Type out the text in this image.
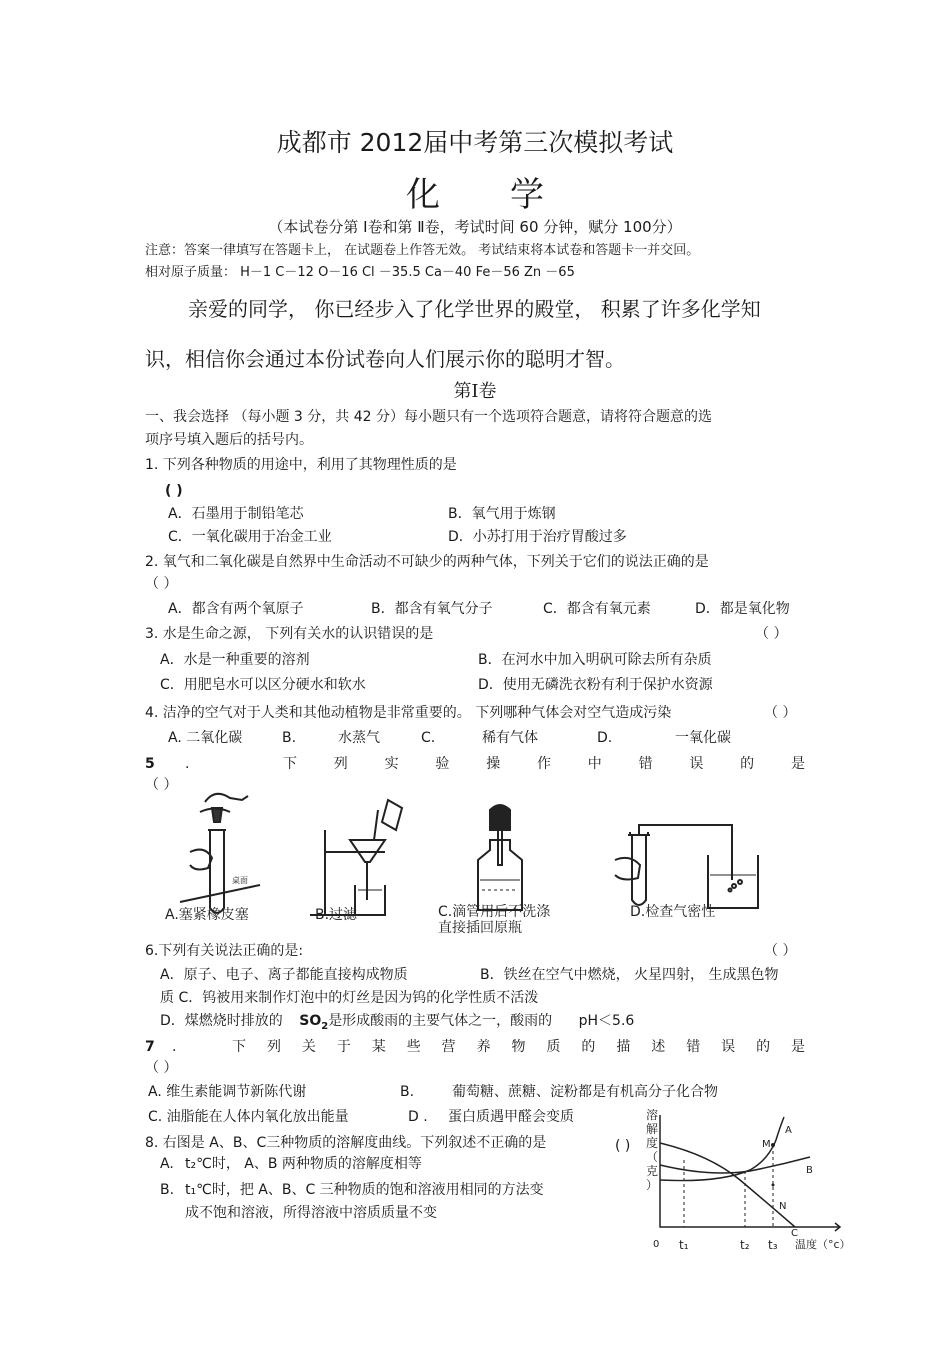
成都市 2012届中考第三次模拟考试
化 学
（本试卷分第 Ⅰ卷和第 Ⅱ卷，考试时间 60 分钟，赋分 100分）
注意：答案一律填写在答题卡上， 在试题卷上作答无效。 考试结束将本试卷和答题卡一并交回。
相对原子质量： H－1 C－12 O－16 Cl －35.5 Ca－40 Fe－56 Zn －65
亲爱的同学， 你已经步入了化学世界的殿堂， 积累了许多化学知
识，相信你会通过本份试卷向人们展示你的聪明才智。
第Ⅰ卷
一、我会选择 （每小题 3 分，共 42 分）每小题只有一个选项符合题意，请将符合题意的选
项序号填入题后的括号内。
1. 下列各种物质的用途中，利用了其物理性质的是
( )
A．石墨用于制铅笔芯	B．氧气用于炼钢
C．一氧化碳用于冶金工业	D．小苏打用于治疗胃酸过多
2. 氧气和二氧化碳是自然界中生命活动不可缺少的两种气体，下列关于它们的说法正确的是
（ ）
A．都含有两个氧原子	B．都含有氧气分子	C．都含有氧元素	D．都是氧化物
3. 水是生命之源， 下列有关水的认识错误的是	（ ）
A．水是一种重要的溶剂	B．在河水中加入明矾可除去所有杂质
C．用肥皂水可以区分硬水和软水	D．使用无磷洗衣粉有利于保护水资源
4. 洁净的空气对于人类和其他动植物是非常重要的。 下列哪种气体会对空气造成污染	（ ）
A. 二氧化碳	B.	水蒸气	C.	稀有气体	D.	一氧化碳
5 .	下	列	实	验	操	作	中	错	误	的	是
（ ）
A.塞紧橡皮塞
桌面
B.过滤	C.滴管用后不洗涤
直接插回原瓶
D.检查气密性
6.下列有关说法正确的是:	（ ）
A．原子、电子、离子都能直接构成物质	B．铁丝在空气中燃烧， 火星四射， 生成黑色物
质 C．钨被用来制作灯泡中的灯丝是因为钨的化学性质不活泼
D．煤燃烧时排放的 $SO_2$是形成酸雨的主要气体之一，酸雨的 pH＜5.6
7 .	下 列 关 于 某 些 营 养 物 质 的 描 述 错 误 的 是
（ ）
A. 维生素能调节新陈代谢	B.	葡萄糖、蔗糖、淀粉都是有机高分子化合物
C. 油脂能在人体内氧化放出能量	D . 蛋白质遇甲醛会变质
8. 右图是 A、B、C三种物质的溶解度曲线。下列叙述不正确的是	( )
A. t₂℃时， A、B 两种物质的溶解度相等
B. t₁℃时，把 A、B、C 三种物质的饱和溶液用相同的方法变
成不饱和溶液，所得溶液中溶质质量不变
溶
解
度
（
克
）
A
B
C
M
N
0 t₁	t₂ t₃ 温度（°c）
